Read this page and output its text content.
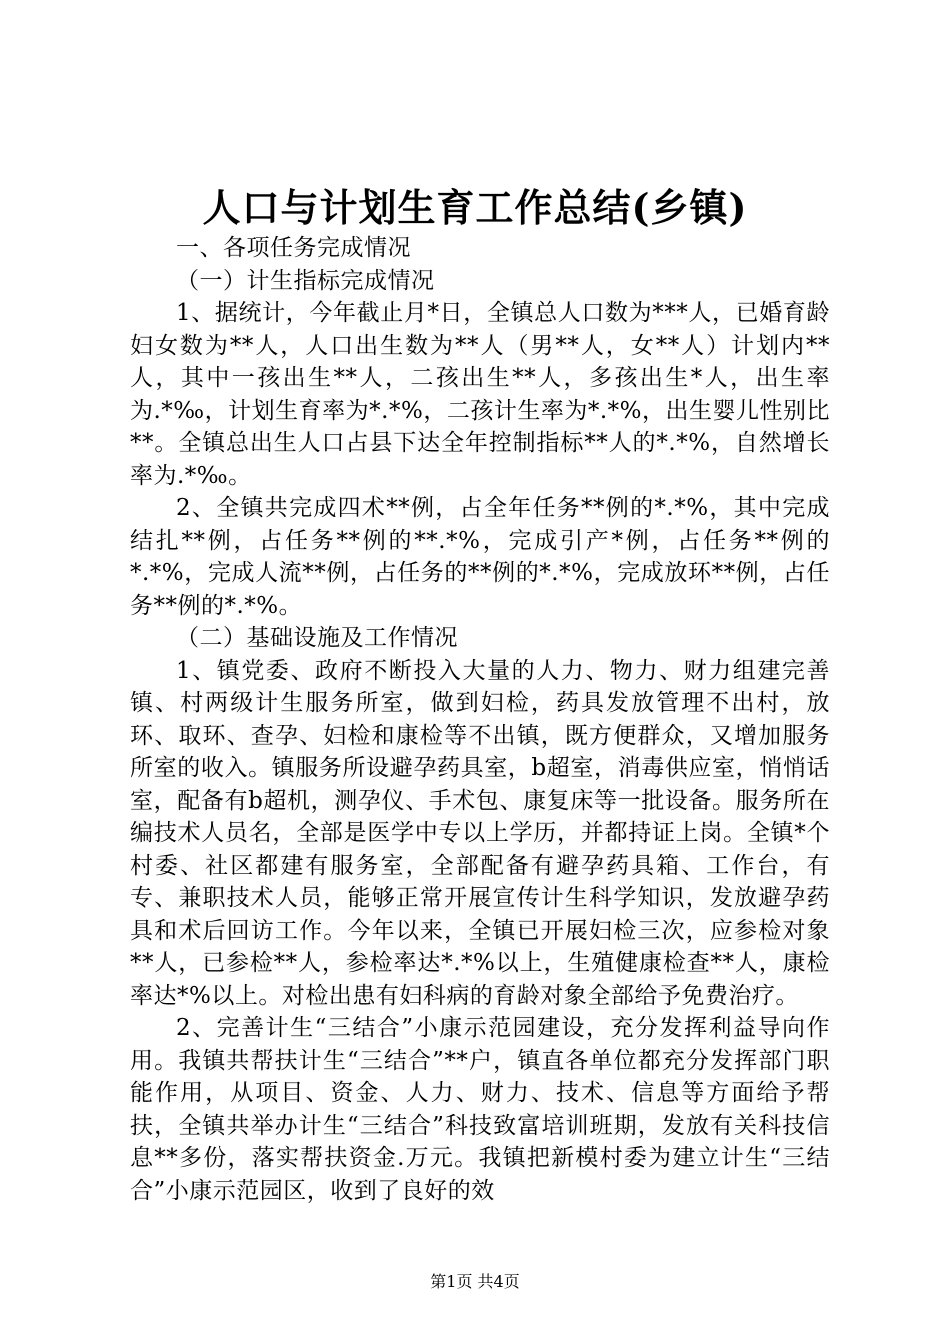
人口与计划生育工作总结(乡镇)

一、各项任务完成情况

（一）计生指标完成情况

1、据统计，今年截止月*日，全镇总人口数为***人，已婚育龄妇女数为**人，人口出生数为**人（男**人，女**人）计划内**人，其中一孩出生**人，二孩出生**人，多孩出生*人，出生率为.*‰，计划生育率为*.*%，二孩计生率为*.*%，出生婴儿性别比**。全镇总出生人口占县下达全年控制指标**人的*.*%，自然增长率为.*‰。

2、全镇共完成四术**例，占全年任务**例的*.*%，其中完成结扎**例，占任务**例的**.*%，完成引产*例，占任务**例的*.*%，完成人流**例，占任务的**例的*.*%，完成放环**例，占任务**例的*.*%。

（二）基础设施及工作情况

1、镇党委、政府不断投入大量的人力、物力、财力组建完善镇、村两级计生服务所室，做到妇检，药具发放管理不出村，放环、取环、查孕、妇检和康检等不出镇，既方便群众，又增加服务所室的收入。镇服务所设避孕药具室，b超室，消毒供应室，悄悄话室，配备有b超机，测孕仪、手术包、康复床等一批设备。服务所在编技术人员名，全部是医学中专以上学历，并都持证上岗。全镇*个村委、社区都建有服务室，全部配备有避孕药具箱、工作台，有专、兼职技术人员，能够正常开展宣传计生科学知识，发放避孕药具和术后回访工作。今年以来，全镇已开展妇检三次，应参检对象**人，已参检**人，参检率达*.*%以上，生殖健康检查**人，康检率达*%以上。对检出患有妇科病的育龄对象全部给予免费治疗。

2、完善计生“三结合”小康示范园建设，充分发挥利益导向作用。我镇共帮扶计生“三结合”**户，镇直各单位都充分发挥部门职能作用，从项目、资金、人力、财力、技术、信息等方面给予帮扶，全镇共举办计生“三结合”科技致富培训班期，发放有关科技信息**多份，落实帮扶资金.万元。我镇把新模村委为建立计生“三结合”小康示范园区，收到了良好的效

第1页 共4页
